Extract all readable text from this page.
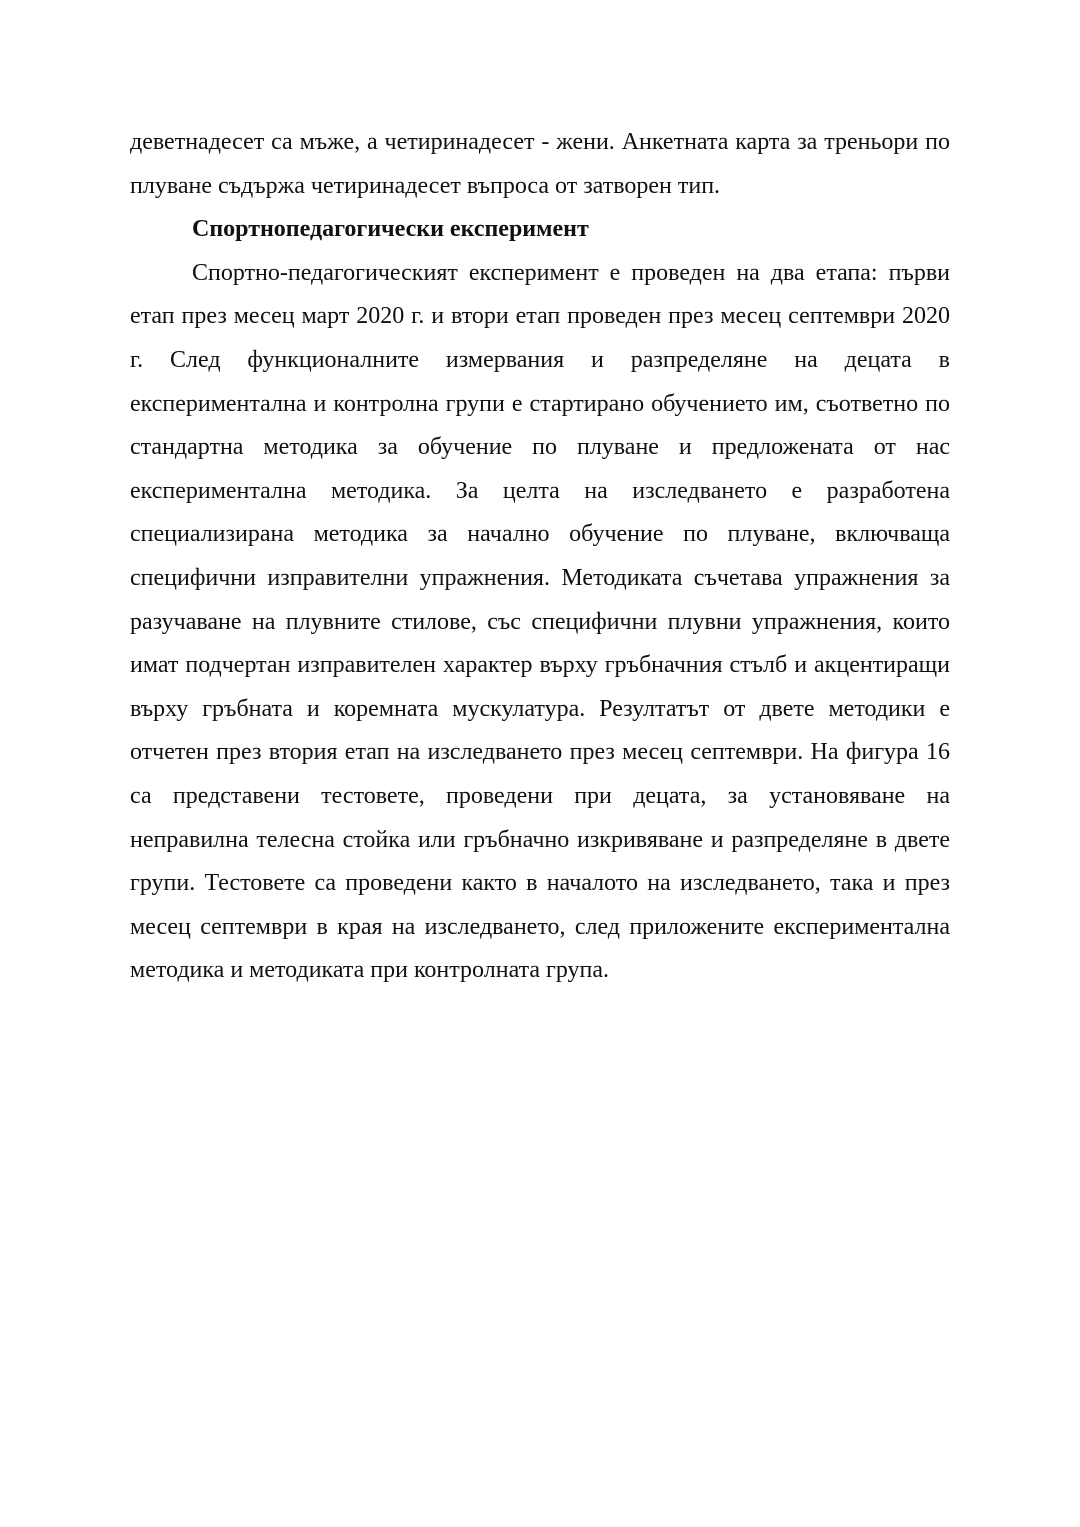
деветнадесет са мъже, а четиринадесет - жени. Анкетната карта за треньори по плуване съдържа четиринадесет въпроса от затворен тип.

Спортнопедагогически експеримент

Спортно-педагогическият експеримент е проведен на два етапа: първи етап през месец март 2020 г. и втори етап проведен през месец септември 2020 г. След функционалните измервания и разпределяне на децата в експериментална и контролна групи е стартирано обучението им, съответно по стандартна методика за обучение по плуване и предложената от нас експериментална методика. За целта на изследването е разработена специализирана методика за начално обучение по плуване, включваща специфични изправителни упражнения. Методиката съчетава упражнения за разучаване на плувните стилове, със специфични плувни упражнения, които имат подчертан изправителен характер върху гръбначния стълб и акцентиращи върху гръбната и коремната мускулатура. Резултатът от двете методики е отчетен през втория етап на изследването през месец септември. На фигура 16 са представени тестовете, проведени при децата, за установяване на неправилна телесна стойка или гръбначно изкривяване и разпределяне в двете групи. Тестовете са проведени както в началото на изследването, така и през месец септември в края на изследването, след приложените експериментална методика и методиката при контролната група.
